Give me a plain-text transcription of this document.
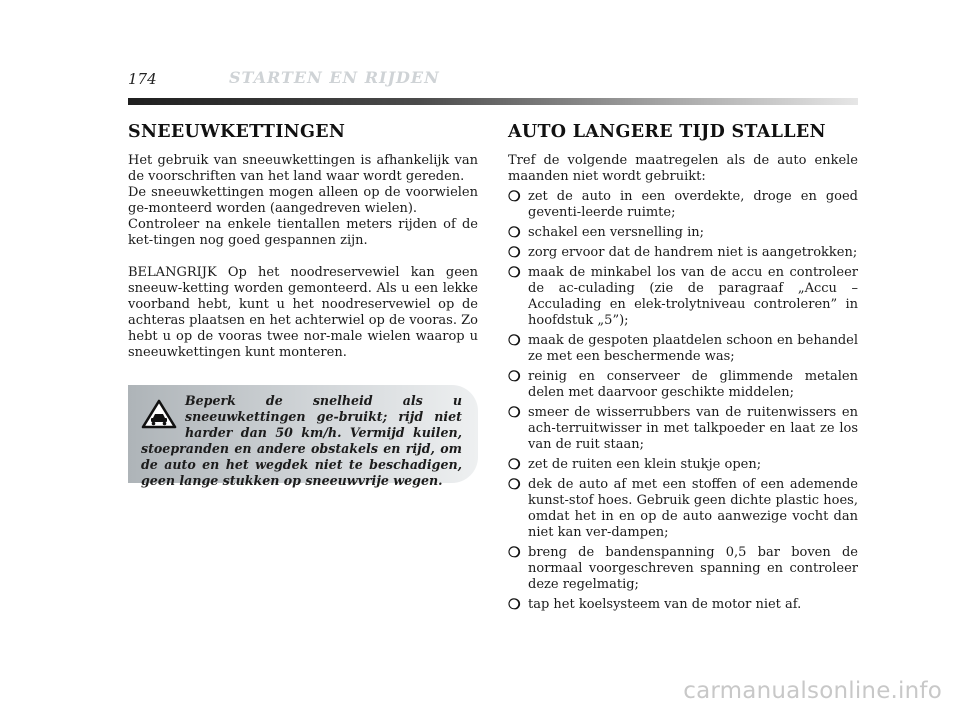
174	STARTEN EN RIJDEN
SNEEUWKETTINGEN

Het gebruik van sneeuwkettingen is afhankelijk van de voorschriften van het land waar wordt gereden.

De sneeuwkettingen mogen alleen op de voorwielen ge-monteerd worden (aangedreven wielen).

Controleer na enkele tientallen meters rijden of de ket-tingen nog goed gespannen zijn.

BELANGRIJK Op het noodreservewiel kan geen sneeuw-ketting worden gemonteerd. Als u een lekke voorband hebt, kunt u het noodreservewiel op de achteras plaatsen en het achterwiel op de vooras. Zo hebt u op de vooras twee nor-male wielen waarop u sneeuwkettingen kunt monteren.

Beperk de snelheid als u sneeuwkettingen ge-bruikt; rijd niet harder dan 50 km/h. Vermijd kuilen, stoepranden en andere obstakels en rijd, om de auto en het wegdek niet te beschadigen, geen lange stukken op sneeuwvrije wegen.
AUTO LANGERE TIJD STALLEN

Tref de volgende maatregelen als de auto enkele maanden niet wordt gebruikt:

❍ zet de auto in een overdekte, droge en goed geventi-leerde ruimte;
❍ schakel een versnelling in;
❍ zorg ervoor dat de handrem niet is aangetrokken;
❍ maak de minkabel los van de accu en controleer de ac-culading (zie de paragraaf „Accu – Acculading en elek-trolytniveau controleren” in hoofdstuk „5”);
❍ maak de gespoten plaatdelen schoon en behandel ze met een beschermende was;
❍ reinig en conserveer de glimmende metalen delen met daarvoor geschikte middelen;
❍ smeer de wisserrubbers van de ruitenwissers en ach-terruitwisser in met talkpoeder en laat ze los van de ruit staan;
❍ zet de ruiten een klein stukje open;
❍ dek de auto af met een stoffen of een ademende kunst-stof hoes. Gebruik geen dichte plastic hoes, omdat het in en op de auto aanwezige vocht dan niet kan ver-dampen;
❍ breng de bandenspanning 0,5 bar boven de normaal voorgeschreven spanning en controleer deze regelmatig;
❍ tap het koelsysteem van de motor niet af.
carmanualsonline.info
